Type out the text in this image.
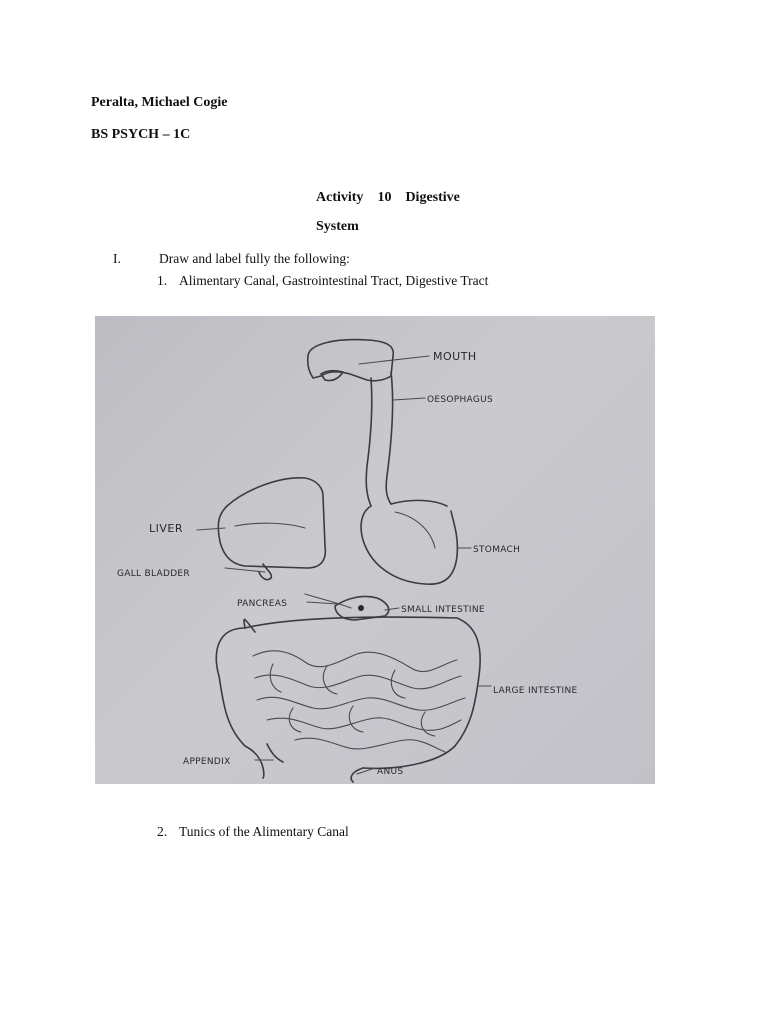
Peralta, Michael Cogie
BS PSYCH – 1C
Activity 10 Digestive
System
I.	Draw and label fully the following:
1. Alimentary Canal, Gastrointestinal Tract, Digestive Tract
MOUTH
OESOPHAGUS
LIVER
STOMACH
GALL BLADDER
PANCREAS
SMALL INTESTINE
LARGE INTESTINE
APPENDIX
ANUS
2. Tunics of the Alimentary Canal
